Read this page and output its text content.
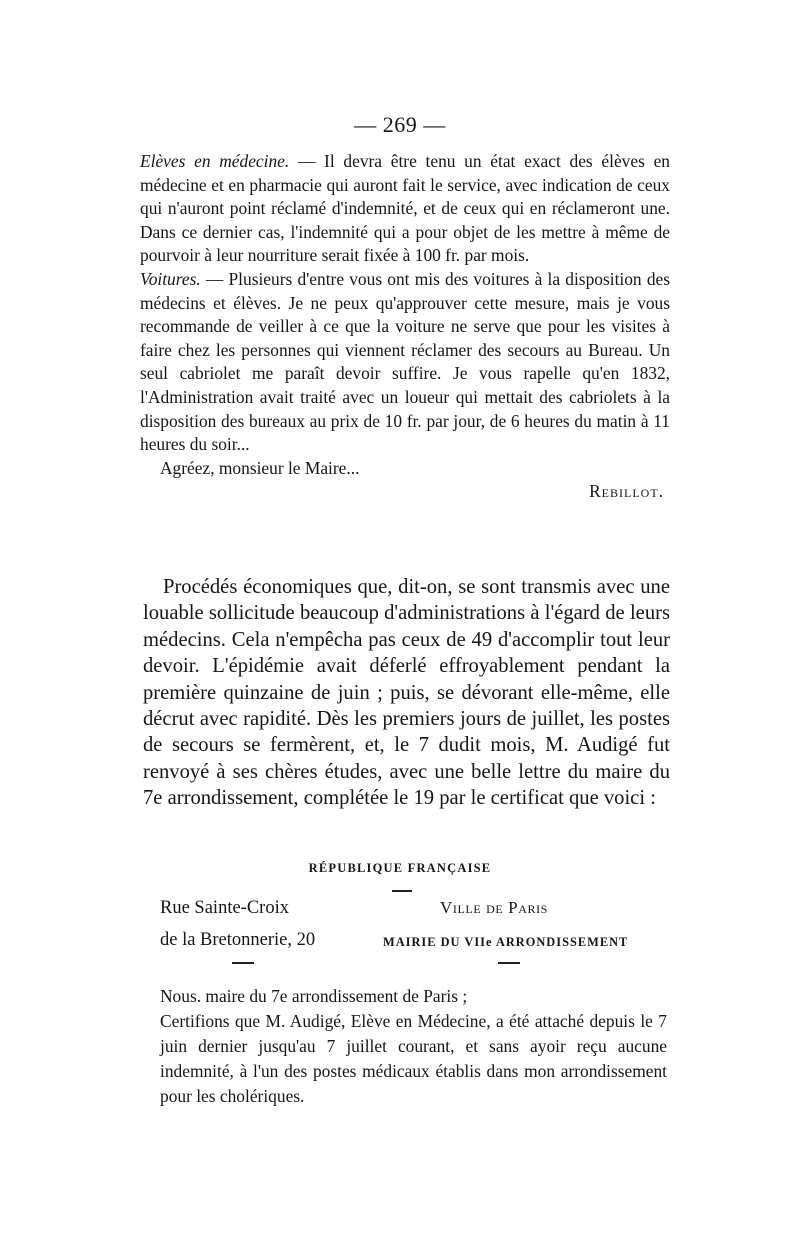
— 269 —

Elèves en médecine. — Il devra être tenu un état exact des élèves en médecine et en pharmacie qui auront fait le service, avec indication de ceux qui n'auront point réclamé d'indemnité, et de ceux qui en réclameront une. Dans ce dernier cas, l'indemnité qui a pour objet de les mettre à même de pourvoir à leur nourriture serait fixée à 100 fr. par mois.

Voitures. — Plusieurs d'entre vous ont mis des voitures à la disposition des médecins et élèves. Je ne peux qu'approuver cette mesure, mais je vous recommande de veiller à ce que la voiture ne serve que pour les visites à faire chez les personnes qui viennent réclamer des secours au Bureau. Un seul cabriolet me paraît devoir suffire. Je vous rapelle qu'en 1832, l'Administration avait traité avec un loueur qui mettait des cabriolets à la disposition des bureaux au prix de 10 fr. par jour, de 6 heures du matin à 11 heures du soir...

Agréez, monsieur le Maire...

Rebillot.

Procédés économiques que, dit-on, se sont transmis avec une louable sollicitude beaucoup d'administrations à l'égard de leurs médecins. Cela n'empêcha pas ceux de 49 d'accomplir tout leur devoir. L'épidémie avait déferlé effroyablement pendant la première quinzaine de juin ; puis, se dévorant elle-même, elle décrut avec rapidité. Dès les premiers jours de juillet, les postes de secours se fermèrent, et, le 7 dudit mois, M. Audigé fut renvoyé à ses chères études, avec une belle lettre du maire du 7e arrondissement, complétée le 19 par le certificat que voici :

RÉPUBLIQUE FRANÇAISE
Rue Sainte-Croix
de la Bretonnerie, 20
Ville de Paris
MAIRIE DU VIIe ARRONDISSEMENT

Nous. maire du 7e arrondissement de Paris ;

Certifions que M. Audigé, Elève en Médecine, a été attaché depuis le 7 juin dernier jusqu'au 7 juillet courant, et sans ayoir reçu aucune indemnité, à l'un des postes médicaux établis dans mon arrondissement pour les cholériques.
